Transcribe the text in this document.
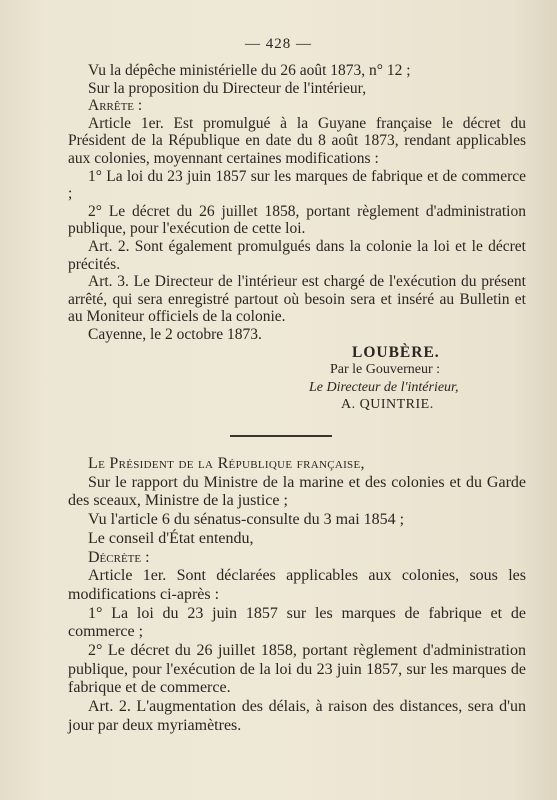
— 428 —

Vu la dépêche ministérielle du 26 août 1873, n° 12 ;

Sur la proposition du Directeur de l'intérieur,

Arrête :

Article 1er. Est promulgué à la Guyane française le décret du Président de la République en date du 8 août 1873, rendant applicables aux colonies, moyennant certaines modifications :

1° La loi du 23 juin 1857 sur les marques de fabrique et de commerce ;

2° Le décret du 26 juillet 1858, portant règlement d'administration publique, pour l'exécution de cette loi.

Art. 2. Sont également promulgués dans la colonie la loi et le décret précités.

Art. 3. Le Directeur de l'intérieur est chargé de l'exécution du présent arrêté, qui sera enregistré partout où besoin sera et inséré au Bulletin et au Moniteur officiels de la colonie.

Cayenne, le 2 octobre 1873.

LOUBÈRE.

Par le Gouverneur :

Le Directeur de l'intérieur,

A. QUINTRIE.

Le Président de la République française,

Sur le rapport du Ministre de la marine et des colonies et du Garde des sceaux, Ministre de la justice ;

Vu l'article 6 du sénatus-consulte du 3 mai 1854 ;

Le conseil d'État entendu,

Décrète :

Article 1er. Sont déclarées applicables aux colonies, sous les modifications ci-après :

1° La loi du 23 juin 1857 sur les marques de fabrique et de commerce ;

2° Le décret du 26 juillet 1858, portant règlement d'administration publique, pour l'exécution de la loi du 23 juin 1857, sur les marques de fabrique et de commerce.

Art. 2. L'augmentation des délais, à raison des distances, sera d'un jour par deux myriamètres.
